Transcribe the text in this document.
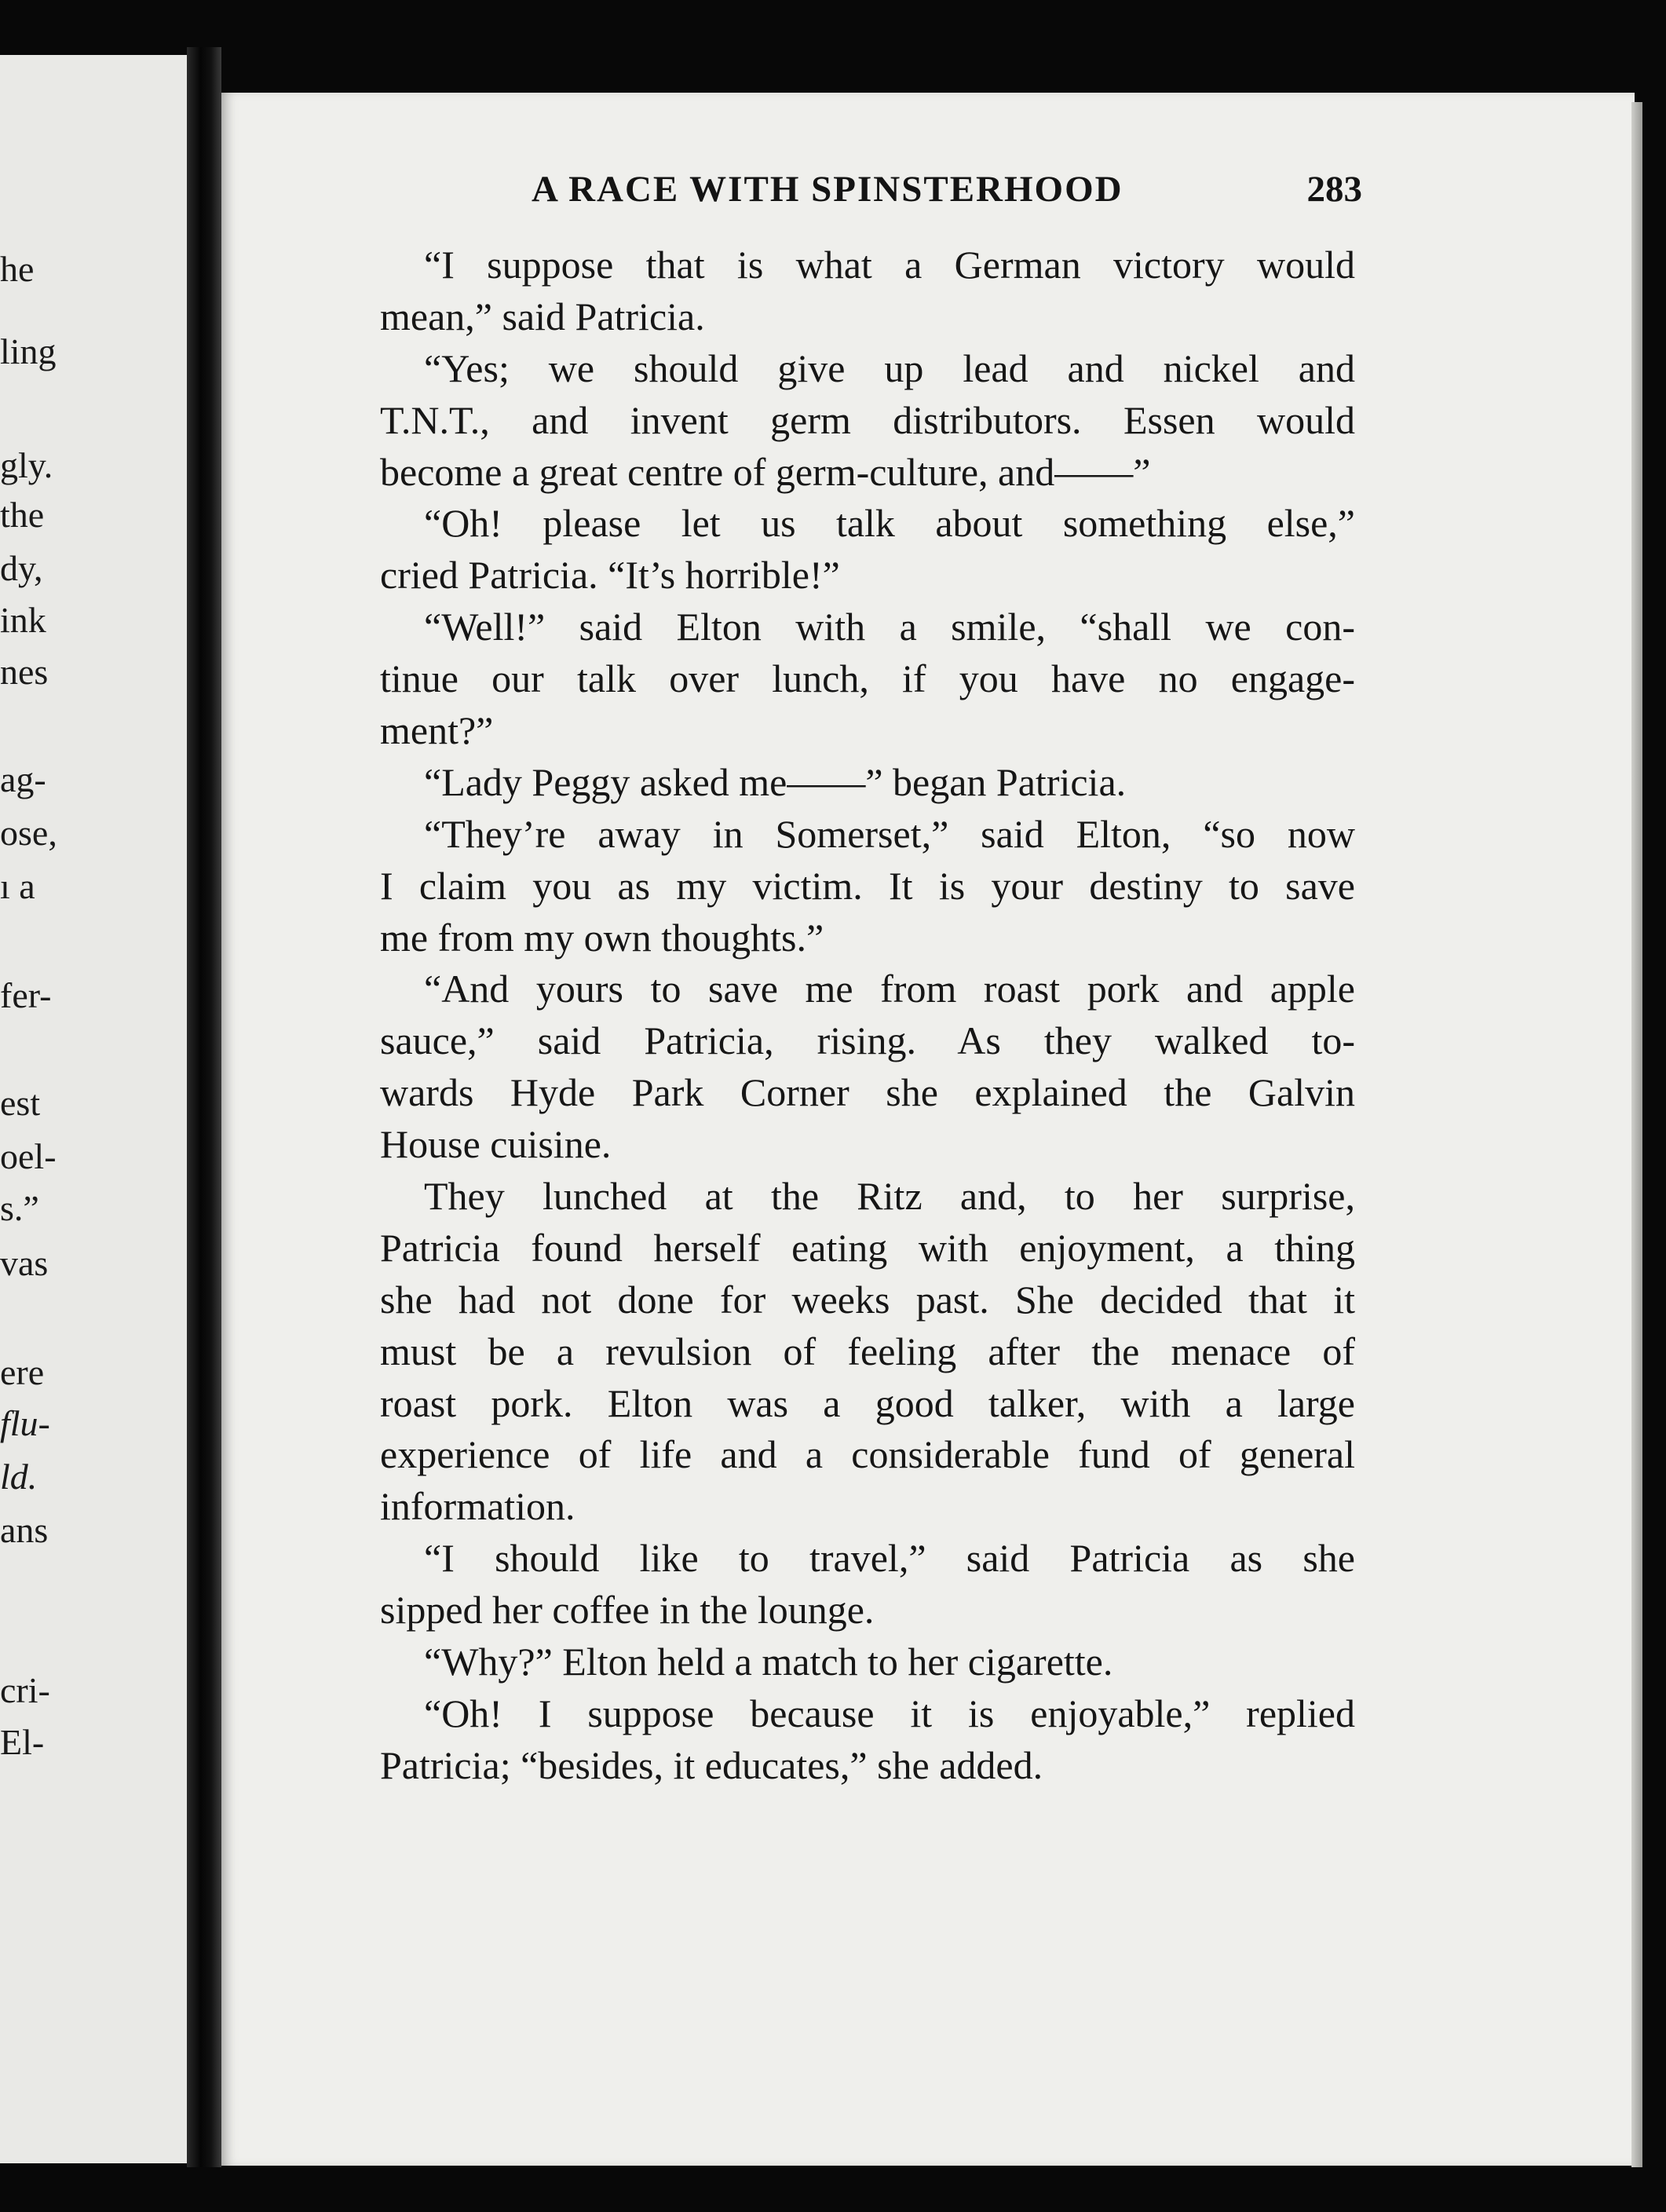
he
ling
gly.
the
dy,
ink
nes
ag-
ose,
ı a
fer-
est
oel-
s.”
vas
ere
flu-
ld.
ans
cri-
El-
A RACE WITH SPINSTERHOOD	283
“I suppose that is what a German victory would
mean,” said Patricia.
“Yes; we should give up lead and nickel and
T.N.T., and invent germ distributors. Essen would
become a great centre of germ-culture, and——”
“Oh! please let us talk about something else,”
cried Patricia. “It’s horrible!”
“Well!” said Elton with a smile, “shall we con-
tinue our talk over lunch, if you have no engage-
ment?”
“Lady Peggy asked me——” began Patricia.
“They’re away in Somerset,” said Elton, “so now
I claim you as my victim. It is your destiny to save
me from my own thoughts.”
“And yours to save me from roast pork and apple
sauce,” said Patricia, rising. As they walked to-
wards Hyde Park Corner she explained the Galvin
House cuisine.
They lunched at the Ritz and, to her surprise,
Patricia found herself eating with enjoyment, a thing
she had not done for weeks past. She decided that it
must be a revulsion of feeling after the menace of
roast pork. Elton was a good talker, with a large
experience of life and a considerable fund of general
information.
“I should like to travel,” said Patricia as she
sipped her coffee in the lounge.
“Why?” Elton held a match to her cigarette.
“Oh! I suppose because it is enjoyable,” replied
Patricia; “besides, it educates,” she added.
